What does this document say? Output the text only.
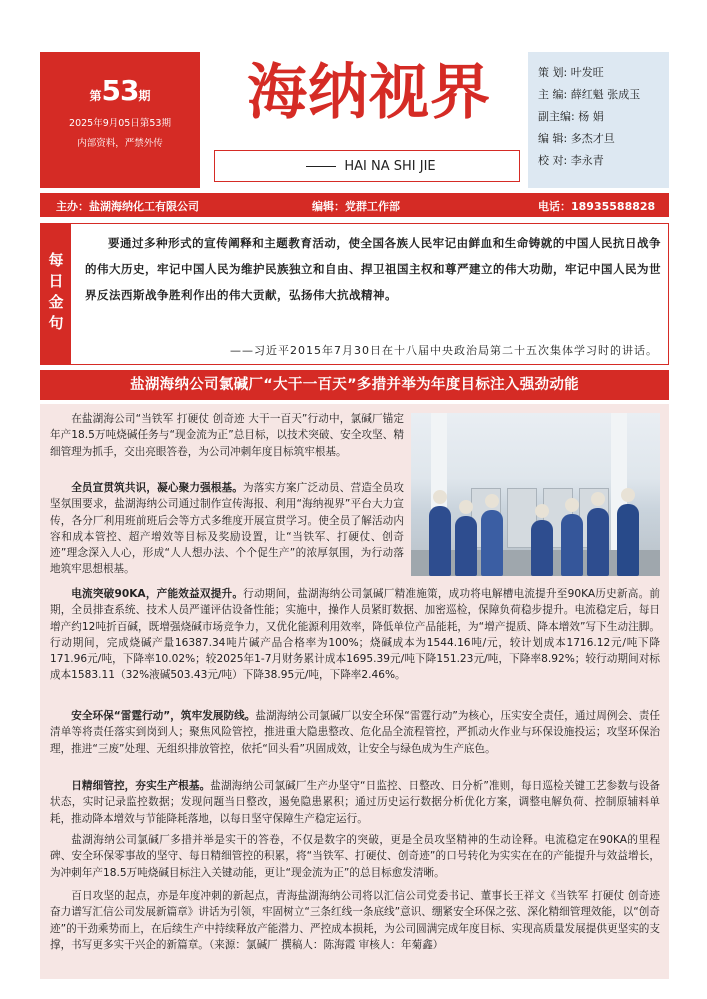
第53期
2025年9月05日第53期
内部资料，严禁外传
海纳视界
HAI NA SHI JIE
策 划: 叶发旺
主 编: 薛红魁 张成玉
副主编: 杨 娟
编 辑: 多杰才旦
校 对: 李永青
主办：盐湖海纳化工有限公司	编辑：党群工作部	电话：18935588828
每日金句
要通过多种形式的宣传阐释和主题教育活动，使全国各族人民牢记由鲜血和生命铸就的中国人民抗日战争的伟大历史，牢记中国人民为维护民族独立和自由、捍卫祖国主权和尊严建立的伟大功勋，牢记中国人民为世界反法西斯战争胜利作出的伟大贡献，弘扬伟大抗战精神。
——习近平2015年7月30日在十八届中央政治局第二十五次集体学习时的讲话。
盐湖海纳公司氯碱厂“大干一百天”多措并举为年度目标注入强劲动能
在盐湖海公司“当铁军 打硬仗 创奇迹 大干一百天”行动中，氯碱厂锚定年产18.5万吨烧碱任务与“现金流为正”总目标，以技术突破、安全攻坚、精细管理为抓手，交出亮眼答卷，为公司冲刺年度目标筑牢根基。
全员宣贯筑共识，凝心聚力强根基。为落实方案广泛动员、营造全员攻坚氛围要求，盐湖海纳公司通过制作宣传海报、利用“海纳视界”平台大力宣传，各分厂利用班前班后会等方式多维度开展宣贯学习。使全员了解活动内容和成本管控、超产增效等目标及奖励设置，让“当铁军、打硬仗、创奇迹”理念深入人心，形成“人人想办法、个个促生产”的浓厚氛围，为行动落地筑牢思想根基。
电流突破90KA，产能效益双提升。行动期间，盐湖海纳公司氯碱厂精准施策，成功将电解槽电流提升至90KA历史新高。前期，全员排查系统、技术人员严谨评估设备性能；实施中，操作人员紧盯数据、加密巡检，保障负荷稳步提升。电流稳定后，每日增产约12吨折百碱，既增强烧碱市场竞争力，又优化能源利用效率，降低单位产品能耗，为“增产提质、降本增效”写下生动注脚。行动期间，完成烧碱产量16387.34吨片碱产品合格率为100%；烧碱成本为1544.16吨/元，较计划成本1716.12元/吨下降171.96元/吨，下降率10.02%；较2025年1-7月财务累计成本1695.39元/吨下降151.23元/吨，下降率8.92%；较行动期间对标成本1583.11（32%液碱503.43元/吨）下降38.95元/吨，下降率2.46%。
安全环保“雷霆行动”，筑牢发展防线。盐湖海纳公司氯碱厂以安全环保“雷霆行动”为核心，压实安全责任，通过周例会、责任清单等将责任落实到岗到人；聚焦风险管控，推进重大隐患整改、危化品全流程管控，严抓动火作业与环保设施投运；攻坚环保治理，推进“三废”处理、无组织排放管控，依托“回头看”巩固成效，让安全与绿色成为生产底色。
日精细管控，夯实生产根基。盐湖海纳公司氯碱厂生产办坚守“日监控、日整改、日分析”准则，每日巡检关键工艺参数与设备状态，实时记录监控数据；发现问题当日整改，遏免隐患累积；通过历史运行数据分析优化方案，调整电解负荷、控制原辅料单耗，推动降本增效与节能降耗落地，以每日坚守保障生产稳定运行。
盐湖海纳公司氯碱厂多措并举是实干的答卷，不仅是数字的突破，更是全员攻坚精神的生动诠释。电流稳定在90KA的里程碑、安全环保零事故的坚守、每日精细管控的积累，将“当铁军、打硬仗、创奇迹”的口号转化为实实在在的产能提升与效益增长，为冲刺年产18.5万吨烧碱目标注入关键动能，更让“现金流为正”的总目标愈发清晰。
百日攻坚的起点，亦是年度冲刺的新起点，青海盐湖海纳公司将以汇信公司党委书记、董事长王祥文《当铁军 打硬仗 创奇迹 奋力谱写汇信公司发展新篇章》讲话为引领，牢固树立“三条红线一条底线”意识、绷紧安全环保之弦、深化精细管理效能，以“创奇迹”的干劲乘势而上，在后续生产中持续释放产能潜力、严控成本损耗，为公司圆满完成年度目标、实现高质量发展提供更坚实的支撑，书写更多实干兴企的新篇章。（来源：氯碱厂 撰稿人：陈海霞 审核人：年菊鑫）
